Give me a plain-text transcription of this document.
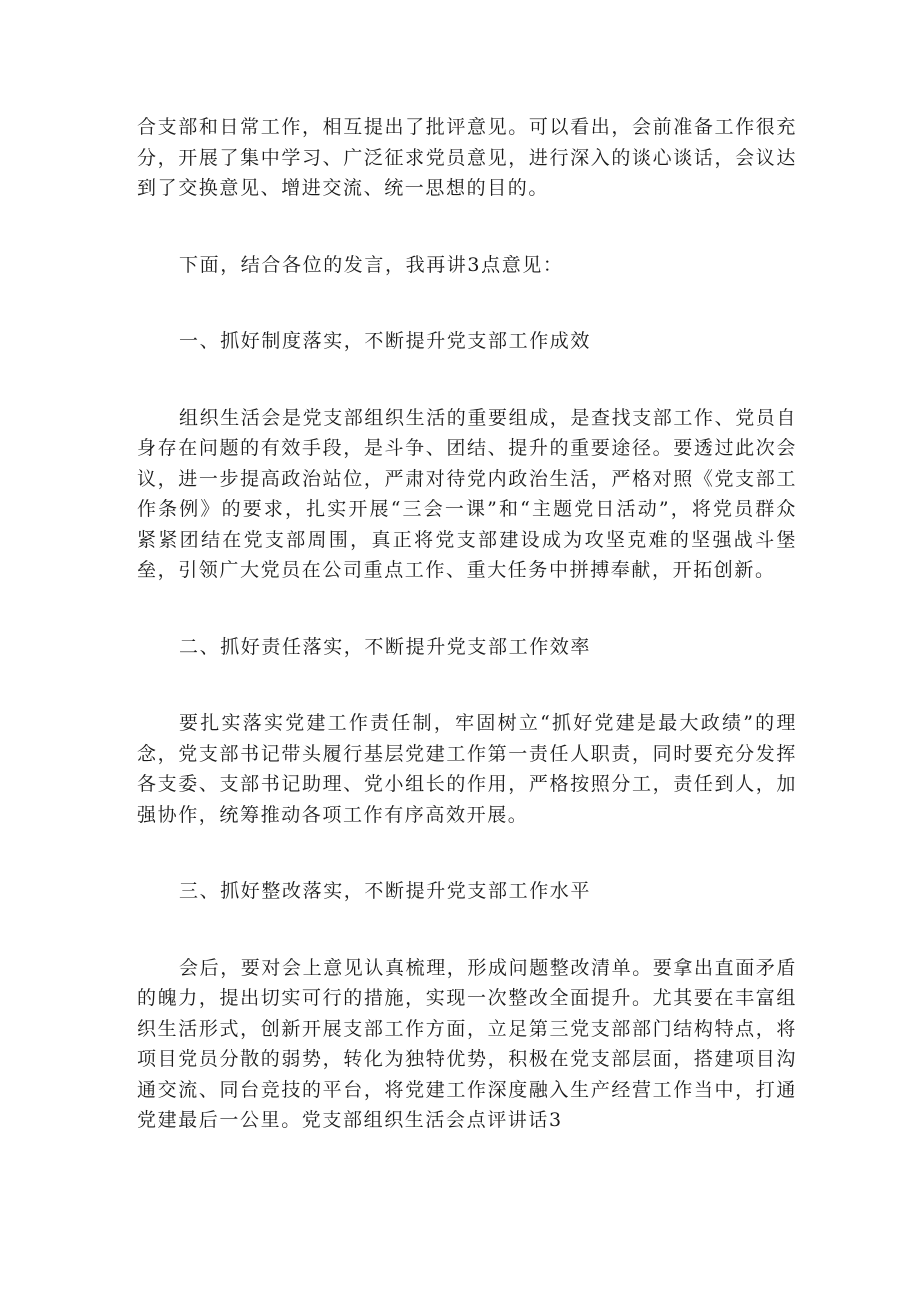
合支部和日常工作，相互提出了批评意见。可以看出，会前准备工作很充分，开展了集中学习、广泛征求党员意见，进行深入的谈心谈话，会议达到了交换意见、增进交流、统一思想的目的。

下面，结合各位的发言，我再讲3点意见：

一、抓好制度落实，不断提升党支部工作成效

组织生活会是党支部组织生活的重要组成，是查找支部工作、党员自身存在问题的有效手段，是斗争、团结、提升的重要途径。要透过此次会议，进一步提高政治站位，严肃对待党内政治生活，严格对照《党支部工作条例》的要求，扎实开展“三会一课”和“主题党日活动”，将党员群众紧紧团结在党支部周围，真正将党支部建设成为攻坚克难的坚强战斗堡垒，引领广大党员在公司重点工作、重大任务中拼搏奉献，开拓创新。

二、抓好责任落实，不断提升党支部工作效率

要扎实落实党建工作责任制，牢固树立“抓好党建是最大政绩”的理念，党支部书记带头履行基层党建工作第一责任人职责，同时要充分发挥各支委、支部书记助理、党小组长的作用，严格按照分工，责任到人，加强协作，统筹推动各项工作有序高效开展。

三、抓好整改落实，不断提升党支部工作水平

会后，要对会上意见认真梳理，形成问题整改清单。要拿出直面矛盾的魄力，提出切实可行的措施，实现一次整改全面提升。尤其要在丰富组织生活形式，创新开展支部工作方面，立足第三党支部部门结构特点，将项目党员分散的弱势，转化为独特优势，积极在党支部层面，搭建项目沟通交流、同台竞技的平台，将党建工作深度融入生产经营工作当中，打通党建最后一公里。党支部组织生活会点评讲话3
